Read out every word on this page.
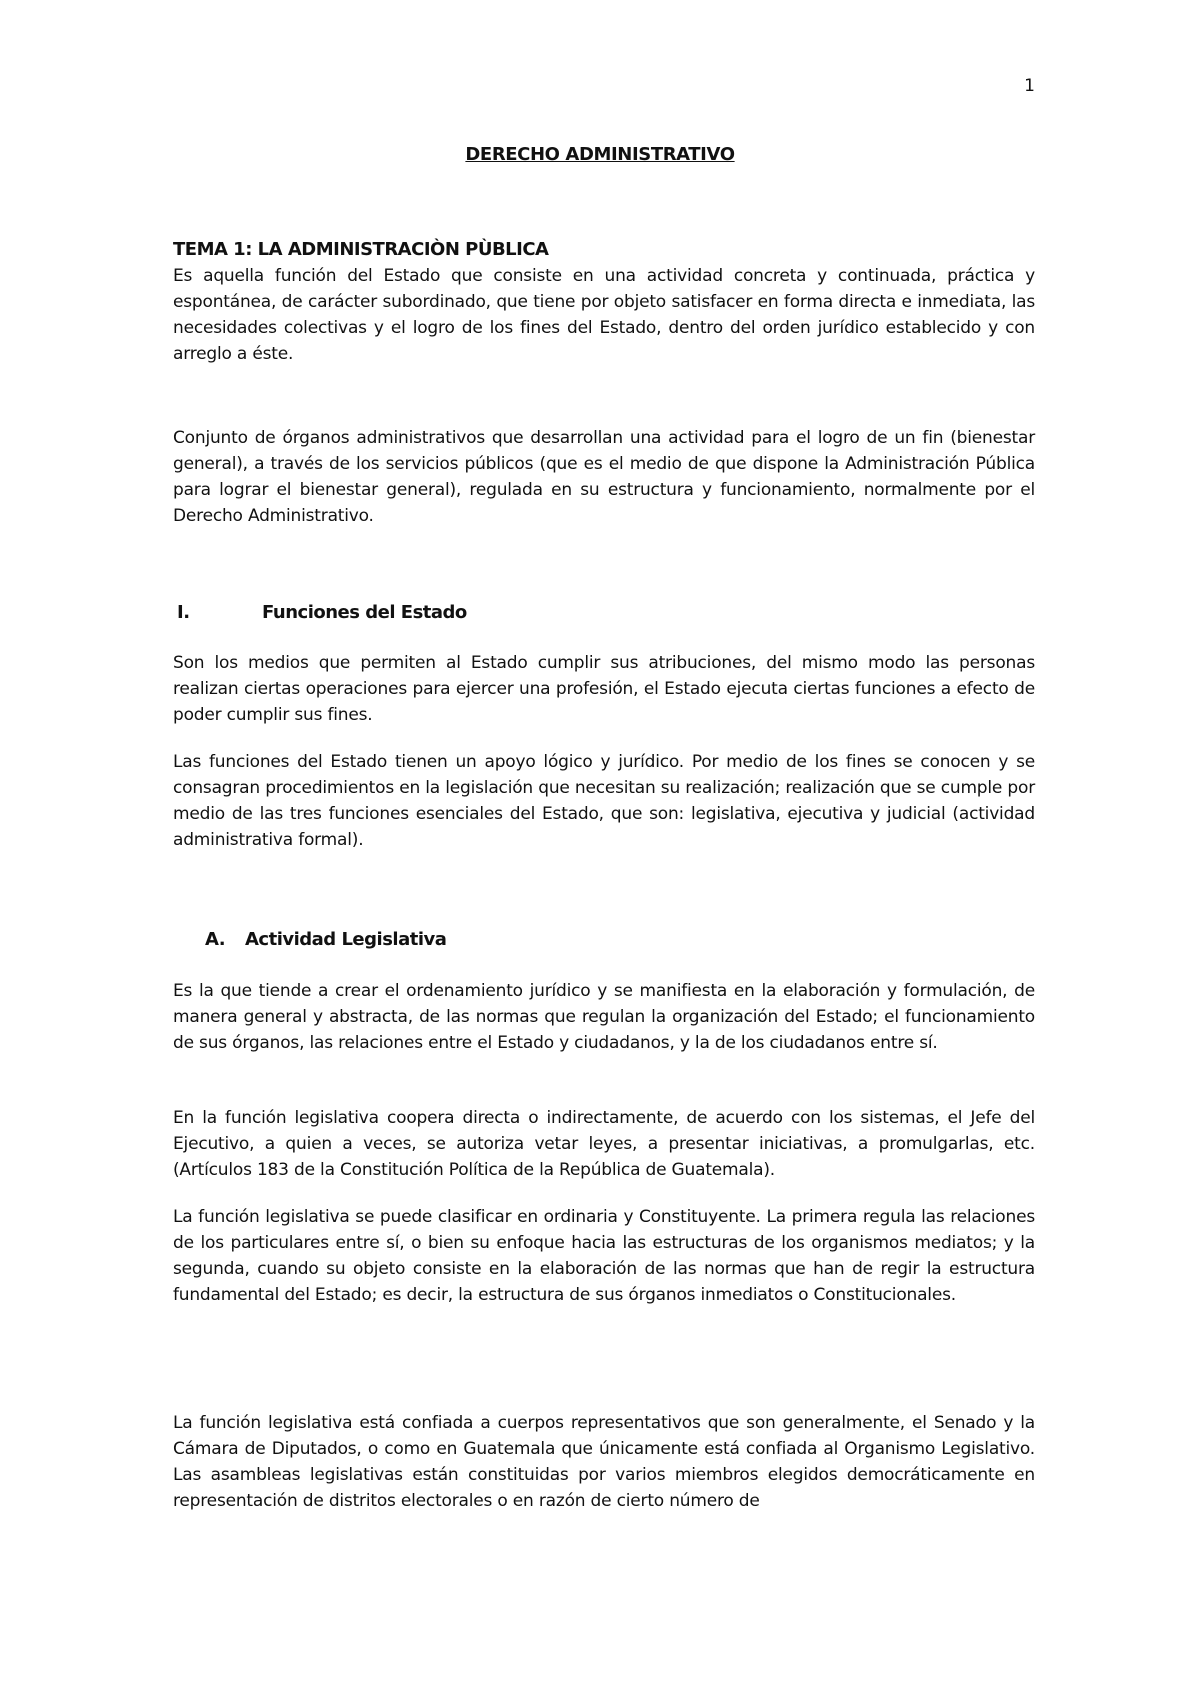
1
DERECHO ADMINISTRATIVO

TEMA 1: LA ADMINISTRACIÒN PÙBLICA

Es aquella función del Estado que consiste en una actividad concreta y continuada, práctica y espontánea, de carácter subordinado, que tiene por objeto satisfacer en forma directa e inmediata, las necesidades colectivas y el logro de los fines del Estado, dentro del orden jurídico establecido y con arreglo a éste.

Conjunto de órganos administrativos que desarrollan una actividad para el logro de un fin (bienestar general), a través de los servicios públicos (que es el medio de que dispone la Administración Pública para lograr el bienestar general), regulada en su estructura y funcionamiento, normalmente por el Derecho Administrativo.

I.	Funciones del Estado

Son los medios que permiten al Estado cumplir sus atribuciones, del mismo modo las personas realizan ciertas operaciones para ejercer una profesión, el Estado ejecuta ciertas funciones a efecto de poder cumplir sus fines.

Las funciones del Estado tienen un apoyo lógico y jurídico. Por medio de los fines se conocen y se consagran procedimientos en la legislación que necesitan su realización; realización que se cumple por medio de las tres funciones esenciales del Estado, que son: legislativa, ejecutiva y judicial (actividad administrativa formal).

A. Actividad Legislativa

Es la que tiende a crear el ordenamiento jurídico y se manifiesta en la elaboración y formulación, de manera general y abstracta, de las normas que regulan la organización del Estado; el funcionamiento de sus órganos, las relaciones entre el Estado y ciudadanos, y la de los ciudadanos entre sí.

En la función legislativa coopera directa o indirectamente, de acuerdo con los sistemas, el Jefe del Ejecutivo, a quien a veces, se autoriza vetar leyes, a presentar iniciativas, a promulgarlas, etc. (Artículos 183 de la Constitución Política de la República de Guatemala).

La función legislativa se puede clasificar en ordinaria y Constituyente. La primera regula las relaciones de los particulares entre sí, o bien su enfoque hacia las estructuras de los organismos mediatos; y la segunda, cuando su objeto consiste en la elaboración de las normas que han de regir la estructura fundamental del Estado; es decir, la estructura de sus órganos inmediatos o Constitucionales.

La función legislativa está confiada a cuerpos representativos que son generalmente, el Senado y la Cámara de Diputados, o como en Guatemala que únicamente está confiada al Organismo Legislativo. Las asambleas legislativas están constituidas por varios miembros elegidos democráticamente en representación de distritos electorales o en razón de cierto número de
